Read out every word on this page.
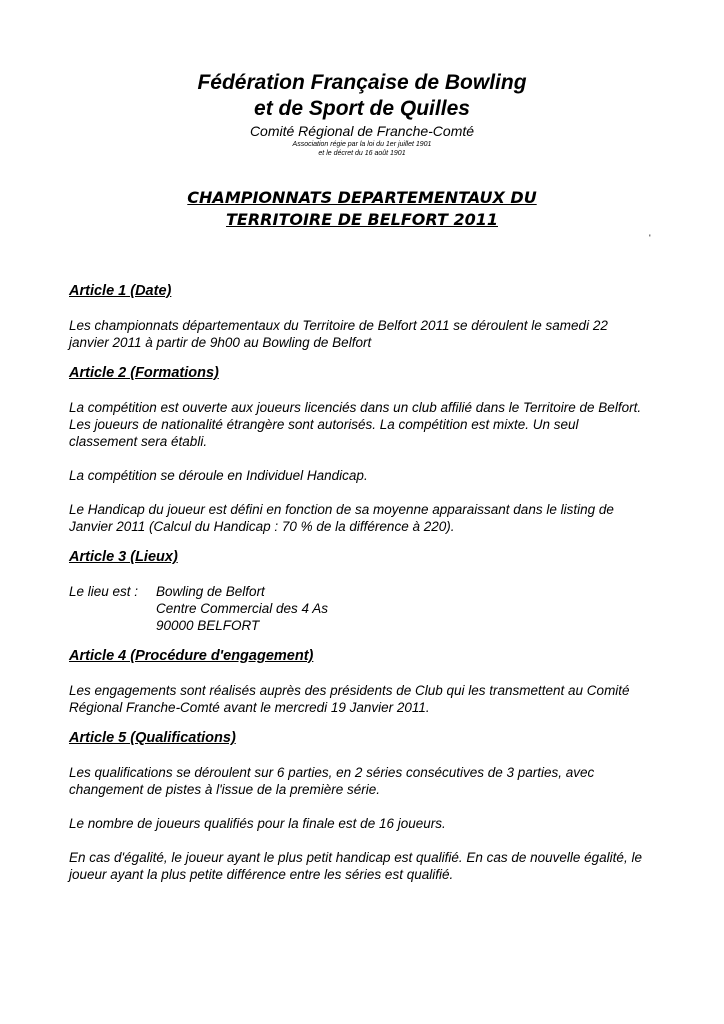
Fédération Française de Bowling
et de Sport de Quilles
Comité Régional de Franche-Comté
Association régie par la loi du 1er juillet 1901
et le décret du 16 août 1901
CHAMPIONNATS DEPARTEMENTAUX DU
TERRITOIRE DE BELFORT 2011
'
Article 1 (Date)

Les championnats départementaux du Territoire de Belfort 2011 se déroulent le samedi 22 janvier 2011 à partir de 9h00 au Bowling de Belfort

Article 2 (Formations)

La compétition est ouverte aux joueurs licenciés dans un club affilié dans le Territoire de Belfort. Les joueurs de nationalité étrangère sont autorisés. La compétition est mixte. Un seul classement sera établi.

La compétition se déroule en Individuel Handicap.

Le Handicap du joueur est défini en fonction de sa moyenne apparaissant dans le listing de Janvier 2011 (Calcul du Handicap : 70 % de la différence à 220).

Article 3 (Lieux)
Le lieu est :	Bowling de Belfort
Centre Commercial des 4 As
90000 BELFORT
Article 4 (Procédure d'engagement)

Les engagements sont réalisés auprès des présidents de Club qui les transmettent au Comité Régional Franche-Comté avant le mercredi 19 Janvier 2011.

Article 5 (Qualifications)

Les qualifications se déroulent sur 6 parties, en 2 séries consécutives de 3 parties, avec changement de pistes à l'issue de la première série.

Le nombre de joueurs qualifiés pour la finale est de 16 joueurs.

En cas d'égalité, le joueur ayant le plus petit handicap est qualifié. En cas de nouvelle égalité, le joueur ayant la plus petite différence entre les séries est qualifié.
